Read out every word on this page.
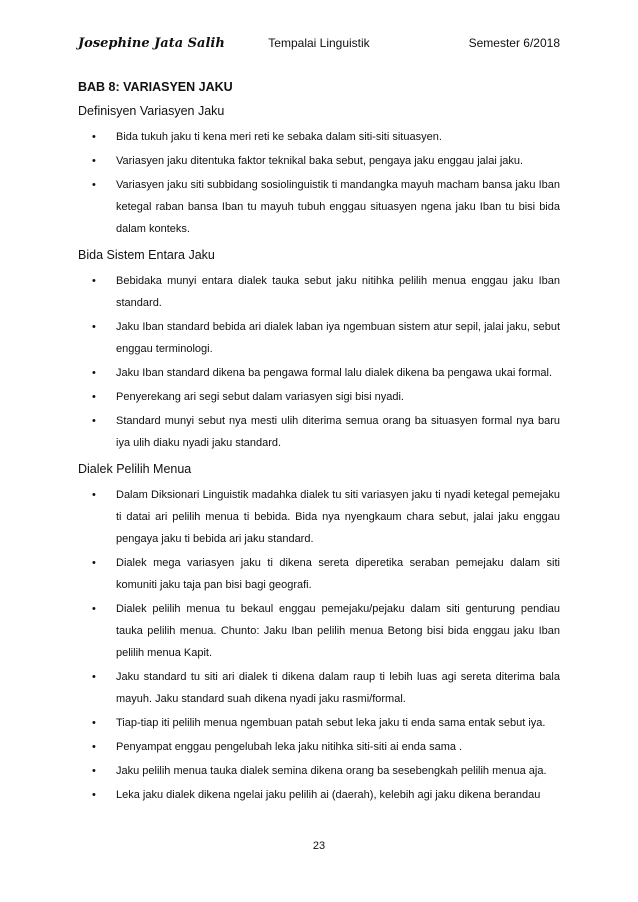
Josephine Jata Salih	Tempalai Linguistik	Semester 6/2018
BAB 8: VARIASYEN JAKU
Definisyen Variasyen Jaku
• Bida tukuh jaku ti kena meri reti ke sebaka dalam siti-siti situasyen.
• Variasyen jaku ditentuka faktor teknikal baka sebut, pengaya jaku enggau jalai jaku.
• Variasyen jaku siti subbidang sosiolinguistik ti mandangka mayuh macham bansa jaku Iban ketegal raban bansa Iban tu mayuh tubuh enggau situasyen ngena jaku Iban tu bisi bida dalam konteks.
Bida Sistem Entara Jaku
• Bebidaka munyi entara dialek tauka sebut jaku nitihka pelilih menua enggau jaku Iban standard.
• Jaku Iban standard bebida ari dialek laban iya ngembuan sistem atur sepil, jalai jaku, sebut enggau terminologi.
• Jaku Iban standard dikena ba pengawa formal lalu dialek dikena ba pengawa ukai formal.
• Penyerekang ari segi sebut dalam variasyen sigi bisi nyadi.
• Standard munyi sebut nya mesti ulih diterima semua orang ba situasyen formal nya baru iya ulih diaku nyadi jaku standard.
Dialek Pelilih Menua
• Dalam Diksionari Linguistik madahka dialek tu siti variasyen jaku ti nyadi ketegal pemejaku ti datai ari pelilih menua ti bebida. Bida nya nyengkaum chara sebut, jalai jaku enggau pengaya jaku ti bebida ari jaku standard.
• Dialek mega variasyen jaku ti dikena sereta diperetika seraban pemejaku dalam siti komuniti jaku taja pan bisi bagi geografi.
• Dialek pelilih menua tu bekaul enggau pemejaku/pejaku dalam siti genturung pendiau tauka pelilih menua. Chunto: Jaku Iban pelilih menua Betong bisi bida enggau jaku Iban pelilih menua Kapit.
• Jaku standard tu siti ari dialek ti dikena dalam raup ti lebih luas agi sereta diterima bala mayuh. Jaku standard suah dikena nyadi jaku rasmi/formal.
• Tiap-tiap iti pelilih menua ngembuan patah sebut leka jaku ti enda sama entak sebut iya.
• Penyampat enggau pengelubah leka jaku nitihka siti-siti ai enda sama .
• Jaku pelilih menua tauka dialek semina dikena orang ba sesebengkah pelilih menua aja.
• Leka jaku dialek dikena ngelai jaku pelilih ai (daerah), kelebih agi jaku dikena berandau
23
